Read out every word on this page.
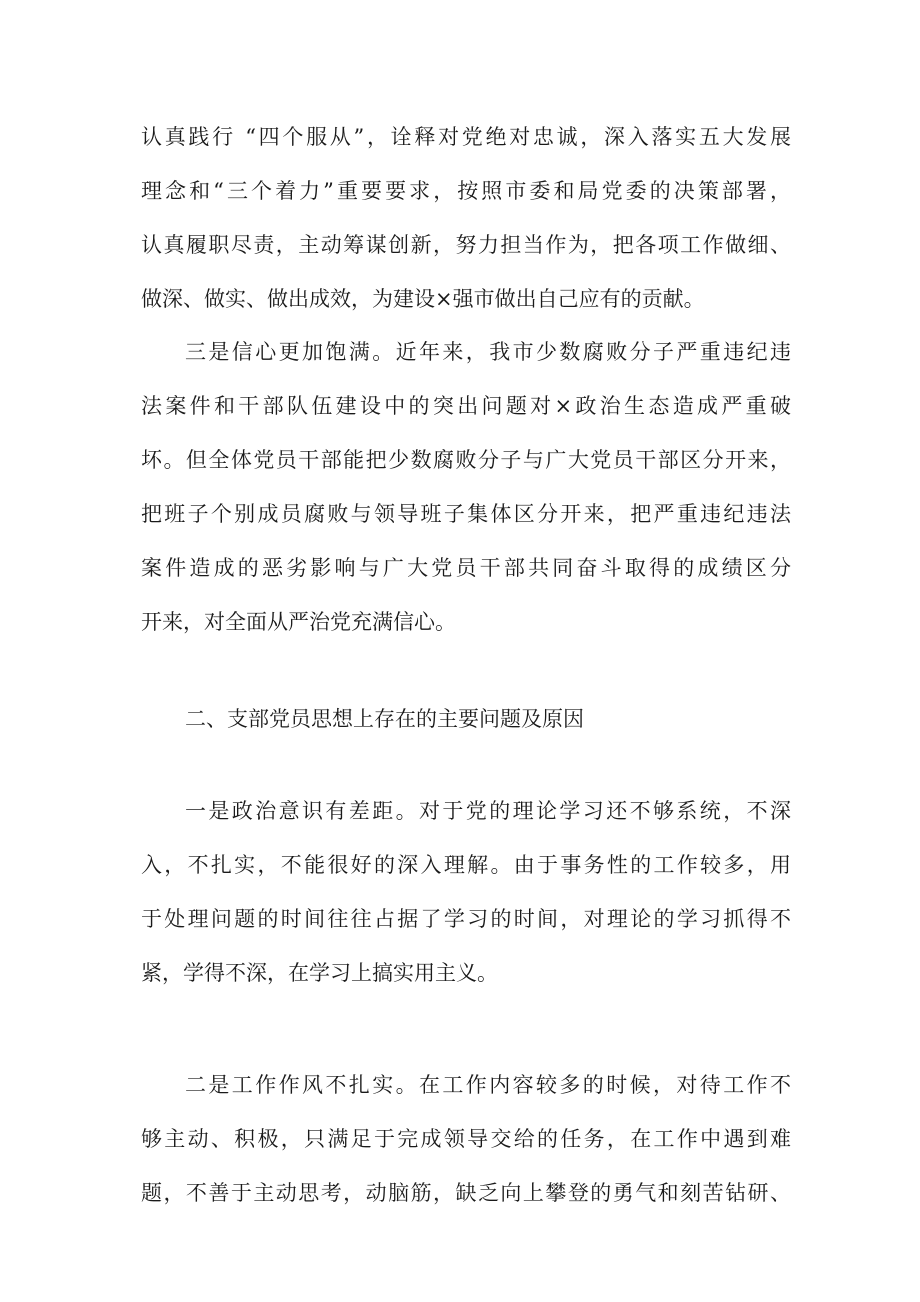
认真践行 “四个服从”，诠释对党绝对忠诚，深入落实五大发展
理念和“三个着力”重要要求，按照市委和局党委的决策部署，
认真履职尽责，主动筹谋创新，努力担当作为，把各项工作做细、
做深、做实、做出成效，为建设×强市做出自己应有的贡献。
三是信心更加饱满。近年来，我市少数腐败分子严重违纪违
法案件和干部队伍建设中的突出问题对×政治生态造成严重破
坏。但全体党员干部能把少数腐败分子与广大党员干部区分开来，
把班子个别成员腐败与领导班子集体区分开来，把严重违纪违法
案件造成的恶劣影响与广大党员干部共同奋斗取得的成绩区分
开来，对全面从严治党充满信心。
二、支部党员思想上存在的主要问题及原因
一是政治意识有差距。对于党的理论学习还不够系统，不深
入，不扎实，不能很好的深入理解。由于事务性的工作较多，用
于处理问题的时间往往占据了学习的时间，对理论的学习抓得不
紧，学得不深，在学习上搞实用主义。
二是工作作风不扎实。在工作内容较多的时候，对待工作不
够主动、积极，只满足于完成领导交给的任务，在工作中遇到难
题，不善于主动思考，动脑筋，缺乏向上攀登的勇气和刻苦钻研、
